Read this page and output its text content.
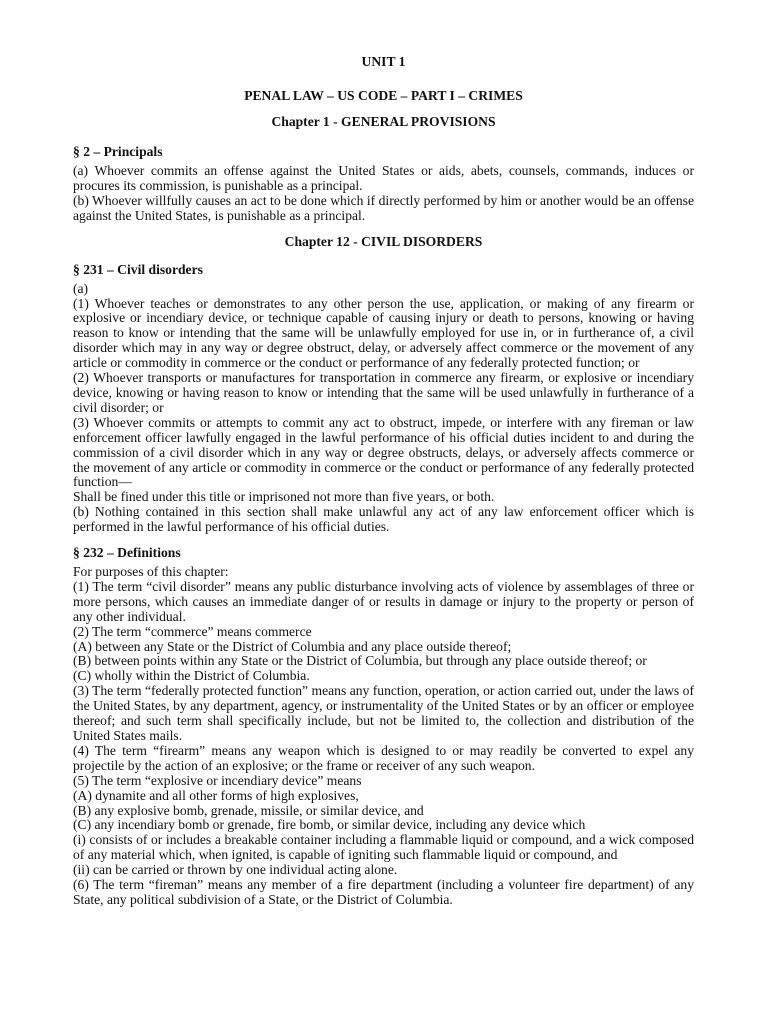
UNIT 1
PENAL LAW – US CODE – PART I – CRIMES
Chapter 1 - GENERAL PROVISIONS
§ 2 – Principals

(a) Whoever commits an offense against the United States or aids, abets, counsels, commands, induces or procures its commission, is punishable as a principal.

(b) Whoever willfully causes an act to be done which if directly performed by him or another would be an offense against the United States, is punishable as a principal.

Chapter 12 - CIVIL DISORDERS
§ 231 – Civil disorders

(a)

(1) Whoever teaches or demonstrates to any other person the use, application, or making of any firearm or explosive or incendiary device, or technique capable of causing injury or death to persons, knowing or having reason to know or intending that the same will be unlawfully employed for use in, or in furtherance of, a civil disorder which may in any way or degree obstruct, delay, or adversely affect commerce or the movement of any article or commodity in commerce or the conduct or performance of any federally protected function; or

(2) Whoever transports or manufactures for transportation in commerce any firearm, or explosive or incendiary device, knowing or having reason to know or intending that the same will be used unlawfully in furtherance of a civil disorder; or

(3) Whoever commits or attempts to commit any act to obstruct, impede, or interfere with any fireman or law enforcement officer lawfully engaged in the lawful performance of his official duties incident to and during the commission of a civil disorder which in any way or degree obstructs, delays, or adversely affects commerce or the movement of any article or commodity in commerce or the conduct or performance of any federally protected function—

Shall be fined under this title or imprisoned not more than five years, or both.

(b) Nothing contained in this section shall make unlawful any act of any law enforcement officer which is performed in the lawful performance of his official duties.

§ 232 – Definitions

For purposes of this chapter:

(1) The term “civil disorder” means any public disturbance involving acts of violence by assemblages of three or more persons, which causes an immediate danger of or results in damage or injury to the property or person of any other individual.

(2) The term “commerce” means commerce

(A) between any State or the District of Columbia and any place outside thereof;

(B) between points within any State or the District of Columbia, but through any place outside thereof; or

(C) wholly within the District of Columbia.

(3) The term “federally protected function” means any function, operation, or action carried out, under the laws of the United States, by any department, agency, or instrumentality of the United States or by an officer or employee thereof; and such term shall specifically include, but not be limited to, the collection and distribution of the United States mails.

(4) The term “firearm” means any weapon which is designed to or may readily be converted to expel any projectile by the action of an explosive; or the frame or receiver of any such weapon.

(5) The term “explosive or incendiary device” means

(A) dynamite and all other forms of high explosives,

(B) any explosive bomb, grenade, missile, or similar device, and

(C) any incendiary bomb or grenade, fire bomb, or similar device, including any device which

(i) consists of or includes a breakable container including a flammable liquid or compound, and a wick composed of any material which, when ignited, is capable of igniting such flammable liquid or compound, and

(ii) can be carried or thrown by one individual acting alone.

(6) The term “fireman” means any member of a fire department (including a volunteer fire department) of any State, any political subdivision of a State, or the District of Columbia.
